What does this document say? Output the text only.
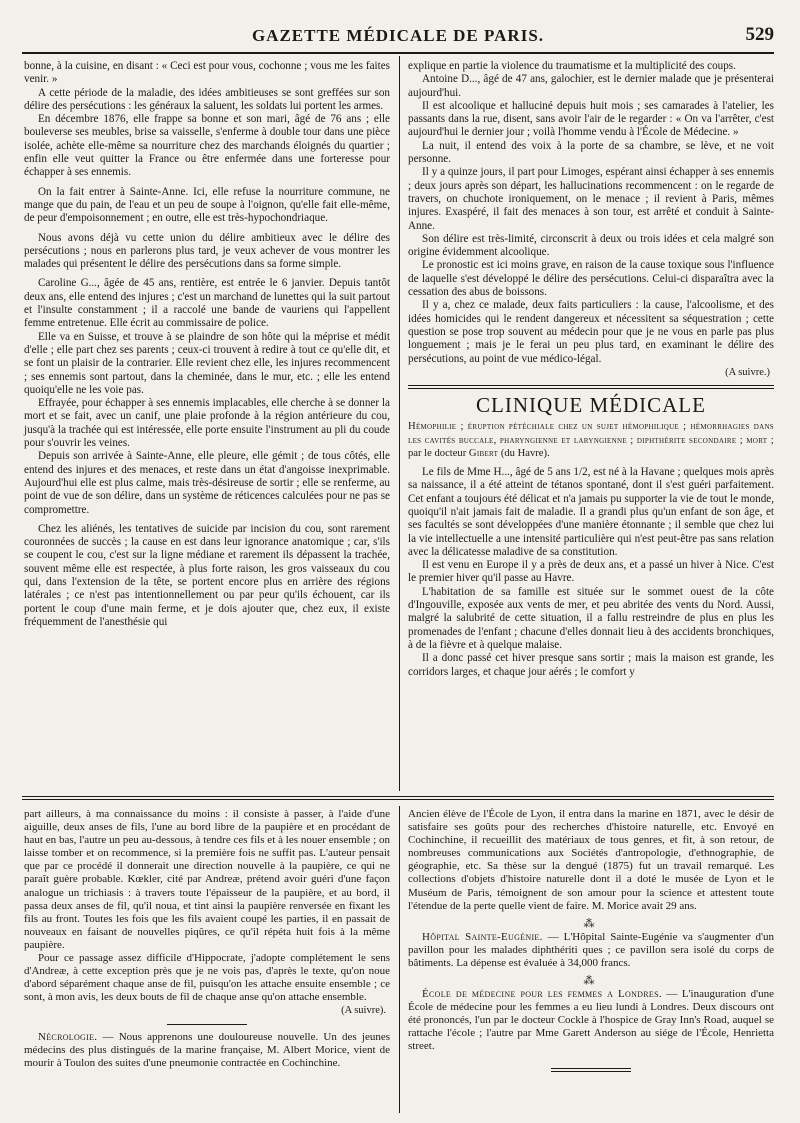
GAZETTE MÉDICALE DE PARIS.	529

bonne, à la cuisine, en disant : « Ceci est pour vous, cochonne ; vous me les faites venir. »

A cette période de la maladie, des idées ambitieuses se sont greffées sur son délire des persécutions : les généraux la saluent, les soldats lui portent les armes.

En décembre 1876, elle frappe sa bonne et son mari, âgé de 76 ans ; elle bouleverse ses meubles, brise sa vaisselle, s'enferme à double tour dans une pièce isolée, achète elle-même sa nourriture chez des marchands éloignés du quartier ; enfin elle veut quitter la France ou être enfermée dans une forteresse pour échapper à ses ennemis.

On la fait entrer à Sainte-Anne. Ici, elle refuse la nourriture commune, ne mange que du pain, de l'eau et un peu de soupe à l'oignon, qu'elle fait elle-même, de peur d'empoisonnement ; en outre, elle est très-hypochondriaque.

Nous avons déjà vu cette union du délire ambitieux avec le délire des persécutions ; nous en parlerons plus tard, je veux achever de vous montrer les malades qui présentent le délire des persécutions dans sa forme simple.

Caroline G..., âgée de 45 ans, rentière, est entrée le 6 janvier. Depuis tantôt deux ans, elle entend des injures ; c'est un marchand de lunettes qui la suit partout et l'insulte constamment ; il a raccolé une bande de vauriens qui l'appellent femme entretenue. Elle écrit au commissaire de police.

Elle va en Suisse, et trouve à se plaindre de son hôte qui la méprise et médit d'elle ; elle part chez ses parents ; ceux-ci trouvent à redire à tout ce qu'elle dit, et se font un plaisir de la contrarier. Elle revient chez elle, les injures recommencent ; ses ennemis sont partout, dans la cheminée, dans le mur, etc. ; elle les entend quoiqu'elle ne les voie pas.

Effrayée, pour échapper à ses ennemis implacables, elle cherche à se donner la mort et se fait, avec un canif, une plaie profonde à la région antérieure du cou, jusqu'à la trachée qui est intéressée, elle porte ensuite l'instrument au pli du coude pour s'ouvrir les veines.

Depuis son arrivée à Sainte-Anne, elle pleure, elle gémit ; de tous côtés, elle entend des injures et des menaces, et reste dans un état d'angoisse inexprimable. Aujourd'hui elle est plus calme, mais très-désireuse de sortir ; elle se renferme, au point de vue de son délire, dans un système de réticences calculées pour ne pas se compromettre.

Chez les aliénés, les tentatives de suicide par incision du cou, sont rarement couronnées de succès ; la cause en est dans leur ignorance anatomique ; car, s'ils se coupent le cou, c'est sur la ligne médiane et rarement ils dépassent la trachée, souvent même elle est respectée, à plus forte raison, les gros vaisseaux du cou qui, dans l'extension de la tête, se portent encore plus en arrière des régions latérales ; ce n'est pas intentionnellement ou par peur qu'ils échouent, car ils portent le coup d'une main ferme, et je dois ajouter que, chez eux, il existe fréquemment de l'anesthésie qui

explique en partie la violence du traumatisme et la multiplicité des coups.

Antoine D..., âgé de 47 ans, galochier, est le dernier malade que je présenterai aujourd'hui.

Il est alcoolique et halluciné depuis huit mois ; ses camarades à l'atelier, les passants dans la rue, disent, sans avoir l'air de le regarder : « On va l'arrêter, c'est aujourd'hui le dernier jour ; voilà l'homme vendu à l'École de Médecine. »

La nuit, il entend des voix à la porte de sa chambre, se lève, et ne voit personne.

Il y a quinze jours, il part pour Limoges, espérant ainsi échapper à ses ennemis ; deux jours après son départ, les hallucinations recommencent : on le regarde de travers, on chuchote ironiquement, on le menace ; il revient à Paris, mêmes injures. Exaspéré, il fait des menaces à son tour, est arrêté et conduit à Sainte-Anne.

Son délire est très-limité, circonscrit à deux ou trois idées et cela malgré son origine évidemment alcoolique.

Le pronostic est ici moins grave, en raison de la cause toxique sous l'influence de laquelle s'est développé le délire des persécutions. Celui-ci disparaîtra avec la cessation des abus de boissons.

Il y a, chez ce malade, deux faits particuliers : la cause, l'alcoolisme, et des idées homicides qui le rendent dangereux et nécessitent sa séquestration ; cette question se pose trop souvent au médecin pour que je ne vous en parle pas plus longuement ; mais je le ferai un peu plus tard, en examinant le délire des persécutions, au point de vue médico-légal.

(A suivre.)
CLINIQUE MÉDICALE

Hémophilie ; éruption pétéchiale chez un sujet hémophilique ; hémorrhagies dans les cavités buccale, pharyngienne et laryngienne ; diphthérite secondaire ; mort ; par le docteur Gibert (du Havre).

Le fils de Mme H..., âgé de 5 ans 1/2, est né à la Havane ; quelques mois après sa naissance, il a été atteint de tétanos spontané, dont il s'est guéri parfaitement. Cet enfant a toujours été délicat et n'a jamais pu supporter la vie de tout le monde, quoiqu'il n'ait jamais fait de maladie. Il a grandi plus qu'un enfant de son âge, et ses facultés se sont développées d'une manière étonnante ; il semble que chez lui la vie intellectuelle a une intensité particulière qui n'est peut-être pas sans relation avec la délicatesse maladive de sa constitution.

Il est venu en Europe il y a près de deux ans, et a passé un hiver à Nice. C'est le premier hiver qu'il passe au Havre.

L'habitation de sa famille est située sur le sommet ouest de la côte d'Ingouville, exposée aux vents de mer, et peu abritée des vents du Nord. Aussi, malgré la salubrité de cette situation, il a fallu restreindre de plus en plus les promenades de l'enfant ; chacune d'elles donnait lieu à des accidents bronchiques, à de la fièvre et à quelque malaise.

Il a donc passé cet hiver presque sans sortir ; mais la maison est grande, les corridors larges, et chaque jour aérés ; le comfort y

part ailleurs, à ma connaissance du moins : il consiste à passer, à l'aide d'une aiguille, deux anses de fils, l'une au bord libre de la paupière et en procédant de haut en bas, l'autre un peu au-dessous, à tendre ces fils et à les nouer ensemble ; on laisse tomber et on recommence, si la première fois ne suffit pas. L'auteur pensait que par ce procédé il donnerait une direction nouvelle à la paupière, ce qui ne paraît guère probable. Kœkler, cité par Andreæ, prétend avoir guéri d'une façon analogue un trichiasis : à travers toute l'épaisseur de la paupière, et au bord, il passa deux anses de fil, qu'il noua, et tint ainsi la paupière renversée en fixant les fils au front. Toutes les fois que les fils avaient coupé les parties, il en passait de nouveaux en faisant de nouvelles piqûres, ce qu'il répéta huit fois à la même paupière.

Pour ce passage assez difficile d'Hippocrate, j'adopte complétement le sens d'Andreæ, à cette exception près que je ne vois pas, d'après le texte, qu'on noue d'abord séparément chaque anse de fil, puisqu'on les attache ensuite ensemble ; ce sont, à mon avis, les deux bouts de fil de chaque anse qu'on attache ensemble.

(A suivre).

Nécrologie. — Nous apprenons une douloureuse nouvelle. Un des jeunes médecins des plus distingués de la marine française, M. Albert Morice, vient de mourir à Toulon des suites d'une pneumonie contractée en Cochinchine.

Ancien élève de l'École de Lyon, il entra dans la marine en 1871, avec le désir de satisfaire ses goûts pour des recherches d'histoire naturelle, etc. Envoyé en Cochinchine, il recueillit des matériaux de tous genres, et fit, à son retour, de nombreuses communications aux Sociétés d'antropologie, d'ethnographie, de géographie, etc. Sa thèse sur la dengué (1875) fut un travail remarqué. Les collections d'objets d'histoire naturelle dont il a doté le musée de Lyon et le Muséum de Paris, témoignent de son amour pour la science et attestent toute l'étendue de la perte quelle vient de faire. M. Morice avait 29 ans.

⁂

Hôpital Sainte-Eugénie. — L'Hôpital Sainte-Eugénie va s'augmenter d'un pavillon pour les malades diphthériti ques ; ce pavillon sera isolé du corps de bâtiments. La dépense est évaluée à 34,000 francs.

⁂

École de médecine pour les femmes a Londres. — L'inauguration d'une École de médecine pour les femmes a eu lieu lundi à Londres. Deux discours ont été prononcés, l'un par le docteur Cockle à l'hospice de Gray Inn's Road, auquel se rattache l'école ; l'autre par Mme Garett Anderson au siége de l'École, Henrietta street.
